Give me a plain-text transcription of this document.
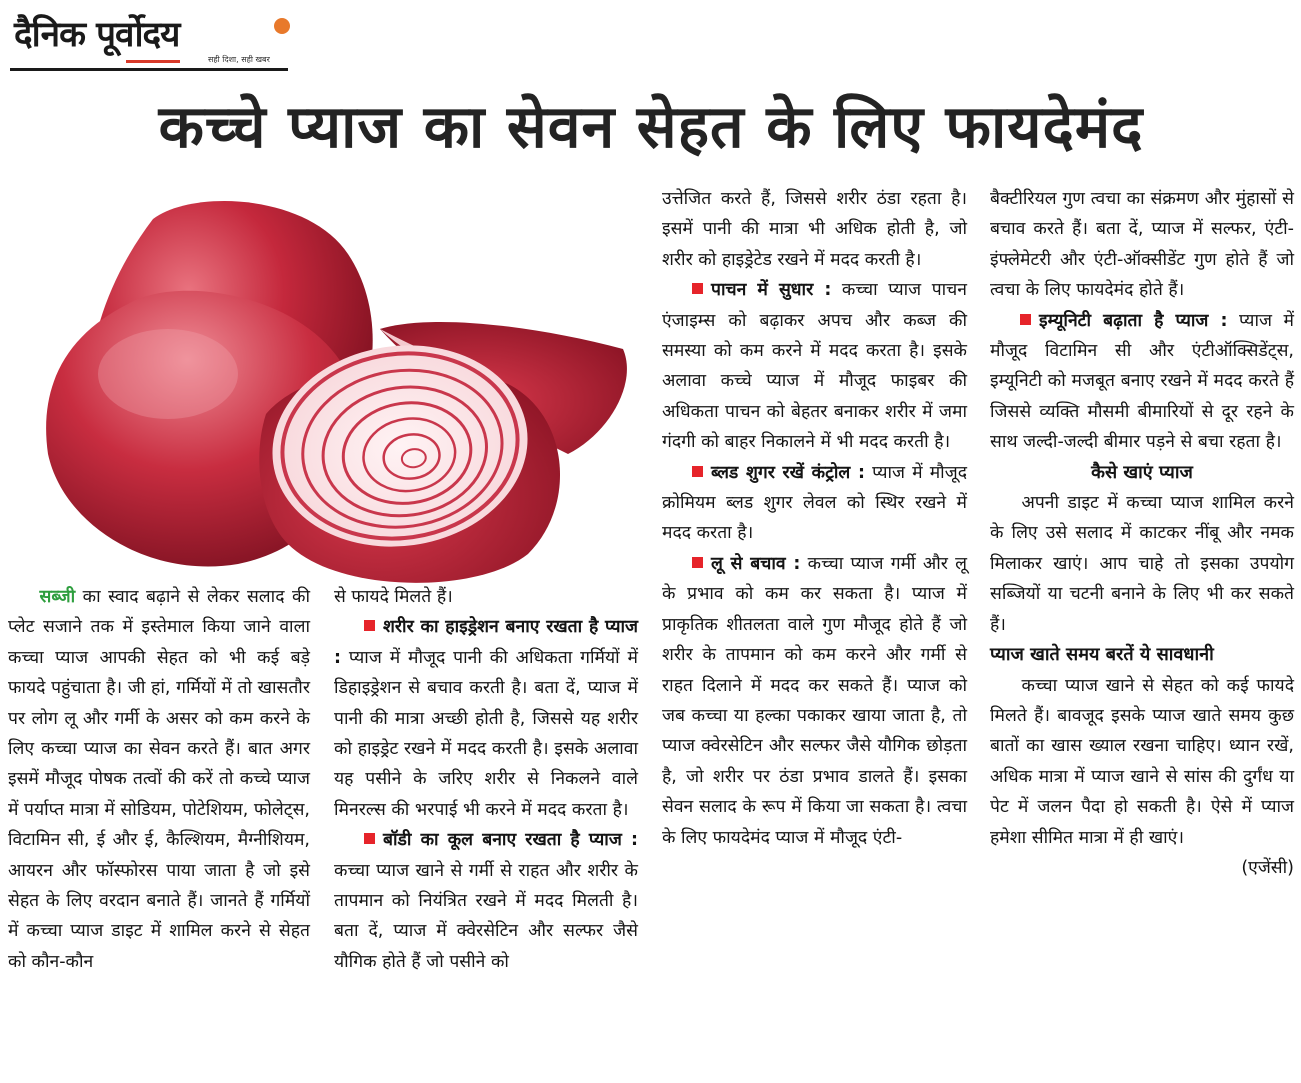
दैनिक पूर्वोदय
सही दिशा, सही खबर
कच्चे प्याज का सेवन सेहत के लिए फायदेमंद

सब्जी का स्वाद बढ़ाने से लेकर सलाद की प्लेट सजाने तक में इस्तेमाल किया जाने वाला कच्चा प्याज आपकी सेहत को भी कई बड़े फायदे पहुंचाता है। जी हां, गर्मियों में तो खासतौर पर लोग लू और गर्मी के असर को कम करने के लिए कच्चा प्याज का सेवन करते हैं। बात अगर इसमें मौजूद पोषक तत्वों की करें तो कच्चे प्याज में पर्याप्त मात्रा में सोडियम, पोटेशियम, फोलेट्स, विटामिन सी, ई और ई, कैल्शियम, मैग्नीशियम, आयरन और फॉस्फोरस पाया जाता है जो इसे सेहत के लिए वरदान बनाते हैं। जानते हैं गर्मियों में कच्चा प्याज डाइट में शामिल करने से सेहत को कौन-कौन

से फायदे मिलते हैं।

शरीर का हाइड्रेशन बनाए रखता है प्याज : प्याज में मौजूद पानी की अधिकता गर्मियों में डिहाइड्रेशन से बचाव करती है। बता दें, प्याज में पानी की मात्रा अच्छी होती है, जिससे यह शरीर को हाइड्रेट रखने में मदद करती है। इसके अलावा यह पसीने के जरिए शरीर से निकलने वाले मिनरल्स की भरपाई भी करने में मदद करता है।

बॉडी का कूल बनाए रखता है प्याज : कच्चा प्याज खाने से गर्मी से राहत और शरीर के तापमान को नियंत्रित रखने में मदद मिलती है। बता दें, प्याज में क्वेरसेटिन और सल्फर जैसे यौगिक होते हैं जो पसीने को

उत्तेजित करते हैं, जिससे शरीर ठंडा रहता है। इसमें पानी की मात्रा भी अधिक होती है, जो शरीर को हाइड्रेटेड रखने में मदद करती है।

पाचन में सुधार : कच्चा प्याज पाचन एंजाइम्स को बढ़ाकर अपच और कब्ज की समस्या को कम करने में मदद करता है। इसके अलावा कच्चे प्याज में मौजूद फाइबर की अधिकता पाचन को बेहतर बनाकर शरीर में जमा गंदगी को बाहर निकालने में भी मदद करती है।

ब्लड शुगर रखें कंट्रोल : प्याज में मौजूद क्रोमियम ब्लड शुगर लेवल को स्थिर रखने में मदद करता है।

लू से बचाव : कच्चा प्याज गर्मी और लू के प्रभाव को कम कर सकता है। प्याज में प्राकृतिक शीतलता वाले गुण मौजूद होते हैं जो शरीर के तापमान को कम करने और गर्मी से राहत दिलाने में मदद कर सकते हैं। प्याज को जब कच्चा या हल्का पकाकर खाया जाता है, तो प्याज क्वेरसेटिन और सल्फर जैसे यौगिक छोड़ता है, जो शरीर पर ठंडा प्रभाव डालते हैं। इसका सेवन सलाद के रूप में किया जा सकता है। त्वचा के लिए फायदेमंद प्याज में मौजूद एंटी-

बैक्टीरियल गुण त्वचा का संक्रमण और मुंहासों से बचाव करते हैं। बता दें, प्याज में सल्फर, एंटी-इंफ्लेमेटरी और एंटी-ऑक्सीडेंट गुण होते हैं जो त्वचा के लिए फायदेमंद होते हैं।

इम्यूनिटी बढ़ाता है प्याज : प्याज में मौजूद विटामिन सी और एंटीऑक्सिडेंट्स, इम्यूनिटी को मजबूत बनाए रखने में मदद करते हैं जिससे व्यक्ति मौसमी बीमारियों से दूर रहने के साथ जल्दी-जल्दी बीमार पड़ने से बचा रहता है।

कैसे खाएं प्याज

अपनी डाइट में कच्चा प्याज शामिल करने के लिए उसे सलाद में काटकर नींबू और नमक मिलाकर खाएं। आप चाहे तो इसका उपयोग सब्जियों या चटनी बनाने के लिए भी कर सकते हैं।

प्याज खाते समय बरतें ये सावधानी

कच्चा प्याज खाने से सेहत को कई फायदे मिलते हैं। बावजूद इसके प्याज खाते समय कुछ बातों का खास ख्याल रखना चाहिए। ध्यान रखें, अधिक मात्रा में प्याज खाने से सांस की दुर्गंध या पेट में जलन पैदा हो सकती है। ऐसे में प्याज हमेशा सीमित मात्रा में ही खाएं।

(एजेंसी)
